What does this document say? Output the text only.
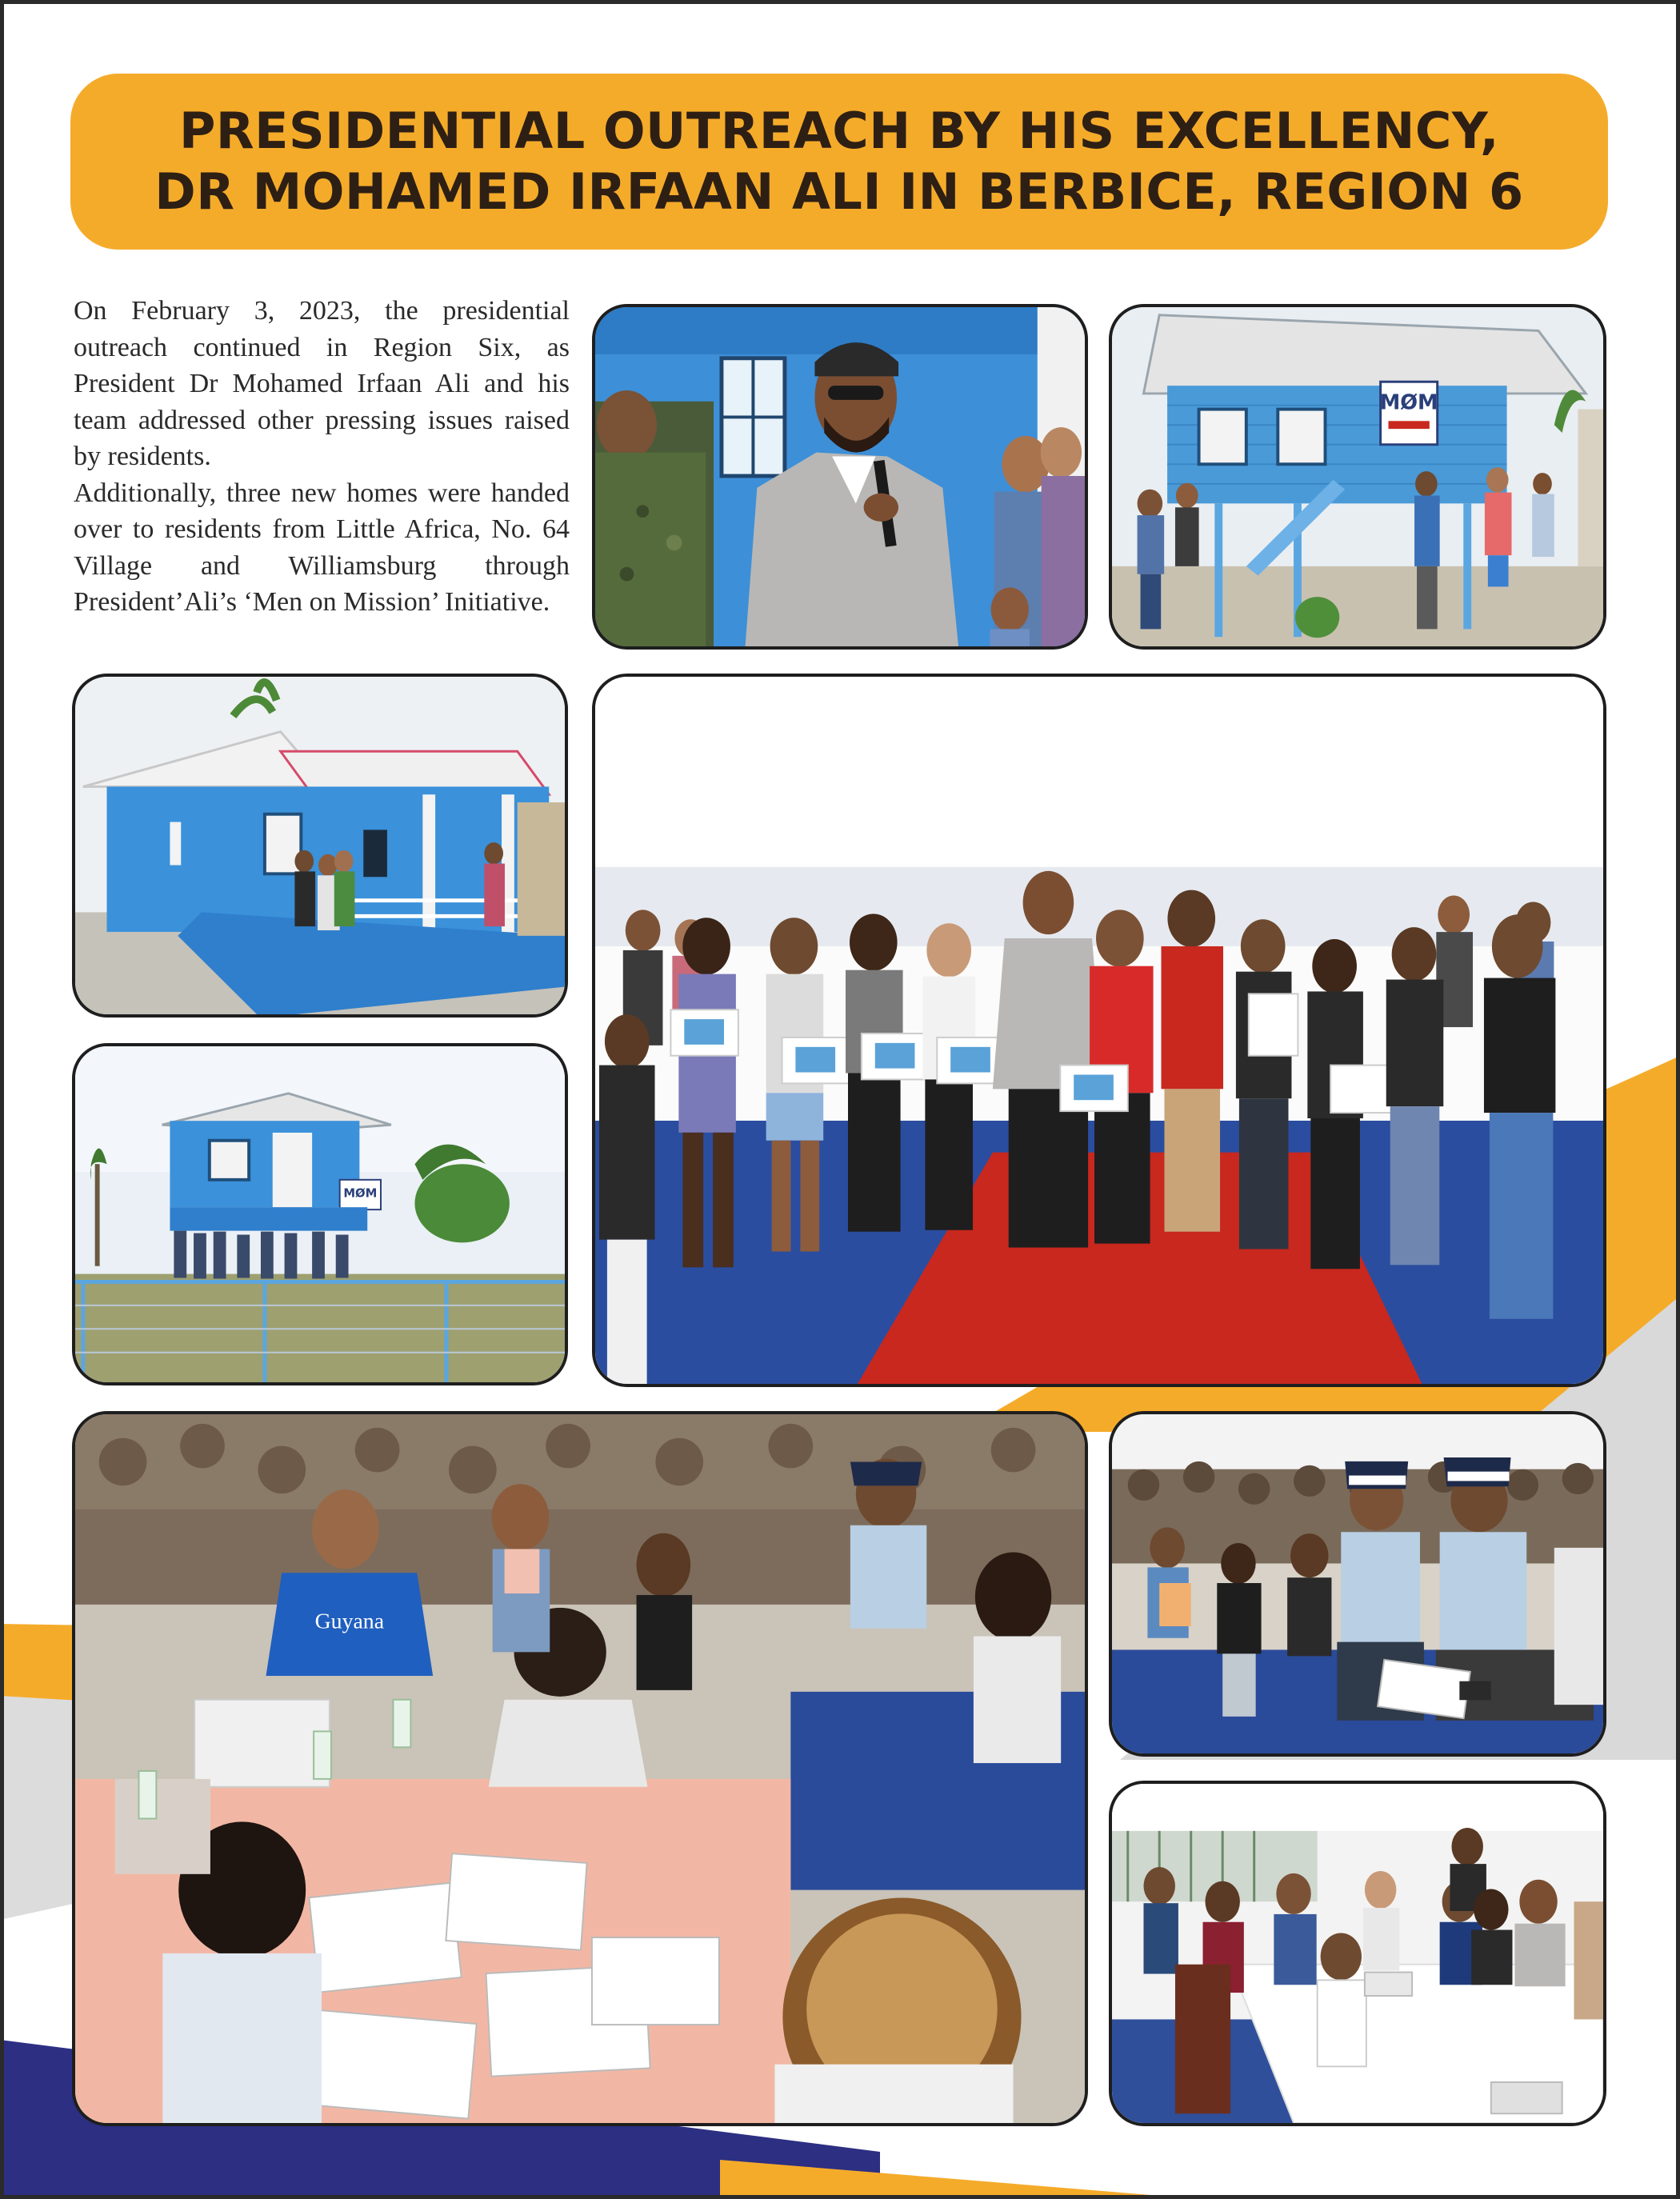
PRESIDENTIAL OUTREACH BY HIS EXCELLENCY,
DR MOHAMED IRFAAN ALI IN BERBICE, REGION 6

On February 3, 2023, the presidential outreach continued in Region Six, as President Dr Mohamed Irfaan Ali and his team addressed other pressing issues raised by residents.

Additionally, three new homes were handed over to residents from Little Africa, No. 64 Village and Williamsburg through President’Ali’s ‘Men on Mission’ Initiative.

MØM
MØM
Guyana
